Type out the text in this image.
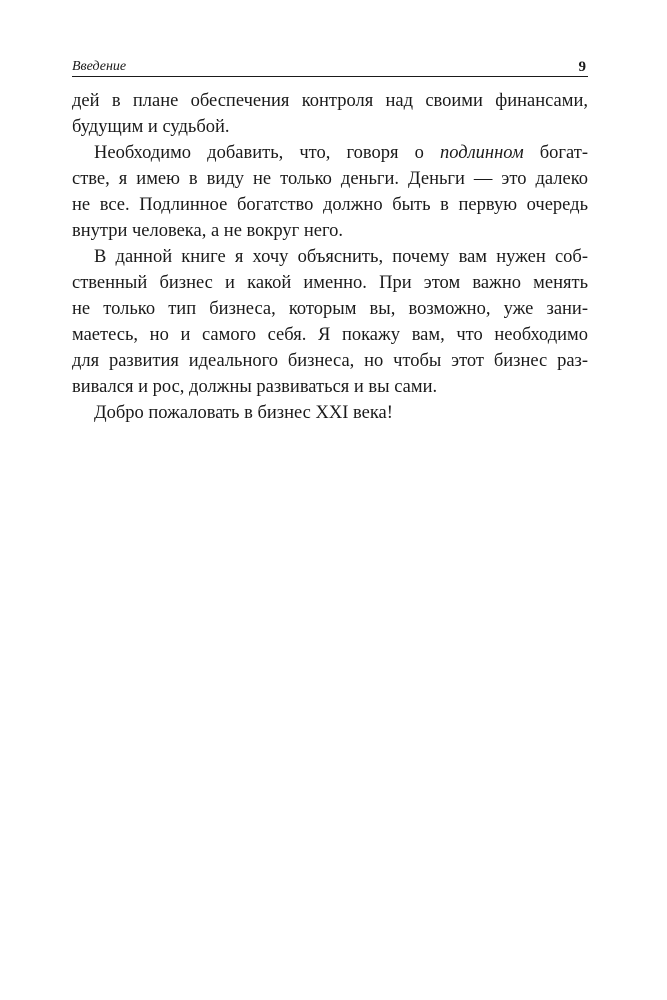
Введение	9
дей в плане обеспечения контроля над своими финансами,
будущим и судьбой.
Необходимо добавить, что, говоря о подлинном богат-
стве, я имею в виду не только деньги. Деньги — это далеко
не все. Подлинное богатство должно быть в первую очередь
внутри человека, а не вокруг него.
В данной книге я хочу объяснить, почему вам нужен соб-
ственный бизнес и какой именно. При этом важно менять
не только тип бизнеса, которым вы, возможно, уже зани-
маетесь, но и самого себя. Я покажу вам, что необходимо
для развития идеального бизнеса, но чтобы этот бизнес раз-
вивался и рос, должны развиваться и вы сами.
Добро пожаловать в бизнес XXI века!
